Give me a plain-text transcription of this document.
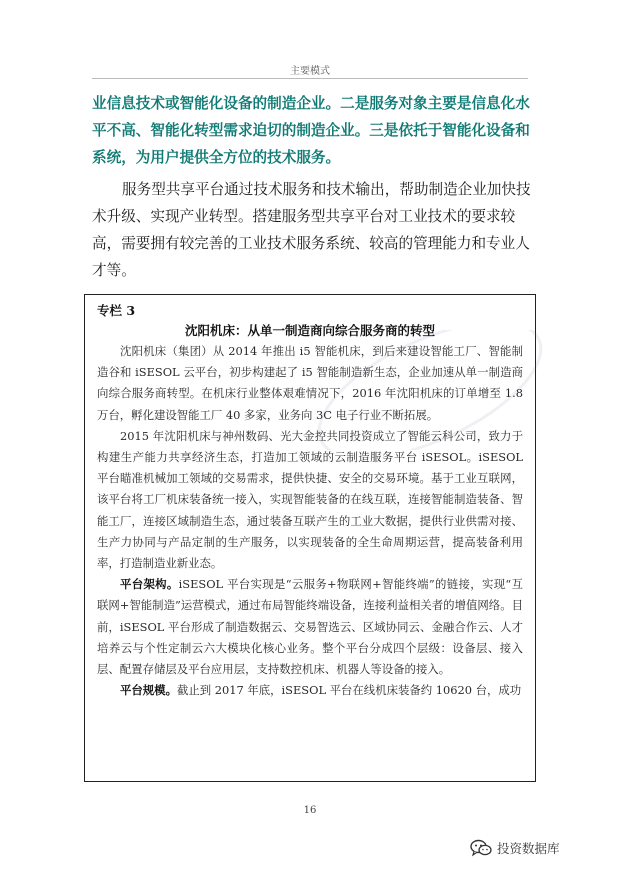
主要模式

业信息技术或智能化设备的制造企业。二是服务对象主要是信息化水平不高、智能化转型需求迫切的制造企业。三是依托于智能化设备和系统，为用户提供全方位的技术服务。

服务型共享平台通过技术服务和技术输出，帮助制造企业加快技术升级、实现产业转型。搭建服务型共享平台对工业技术的要求较高，需要拥有较完善的工业技术服务系统、较高的管理能力和专业人才等。

专栏 3
沈阳机床：从单一制造商向综合服务商的转型

沈阳机床（集团）从 2014 年推出 i5 智能机床，到后来建设智能工厂、智能制造谷和 iSESOL 云平台，初步构建起了 i5 智能制造新生态，企业加速从单一制造商向综合服务商转型。在机床行业整体艰难情况下，2016 年沈阳机床的订单增至 1.8 万台，孵化建设智能工厂 40 多家，业务向 3C 电子行业不断拓展。

2015 年沈阳机床与神州数码、光大金控共同投资成立了智能云科公司，致力于构建生产能力共享经济生态，打造加工领域的云制造服务平台 iSESOL。iSESOL 平台瞄准机械加工领域的交易需求，提供快捷、安全的交易环境。基于工业互联网，该平台将工厂机床装备统一接入，实现智能装备的在线互联，连接智能制造装备、智能工厂，连接区域制造生态，通过装备互联产生的工业大数据，提供行业供需对接、生产力协同与产品定制的生产服务，以实现装备的全生命周期运营，提高装备利用率，打造制造业新业态。

平台架构。iSESOL 平台实现是“云服务+物联网+智能终端”的链接，实现“互联网+智能制造”运营模式，通过布局智能终端设备，连接利益相关者的增值网络。目前，iSESOL 平台形成了制造数据云、交易智选云、区域协同云、金融合作云、人才培养云与个性定制云六大模块化核心业务。整个平台分成四个层级：设备层、接入层、配置存储层及平台应用层，支持数控机床、机器人等设备的接入。

平台规模。截止到 2017 年底，iSESOL 平台在线机床装备约 10620 台，成功

16
投资数据库
